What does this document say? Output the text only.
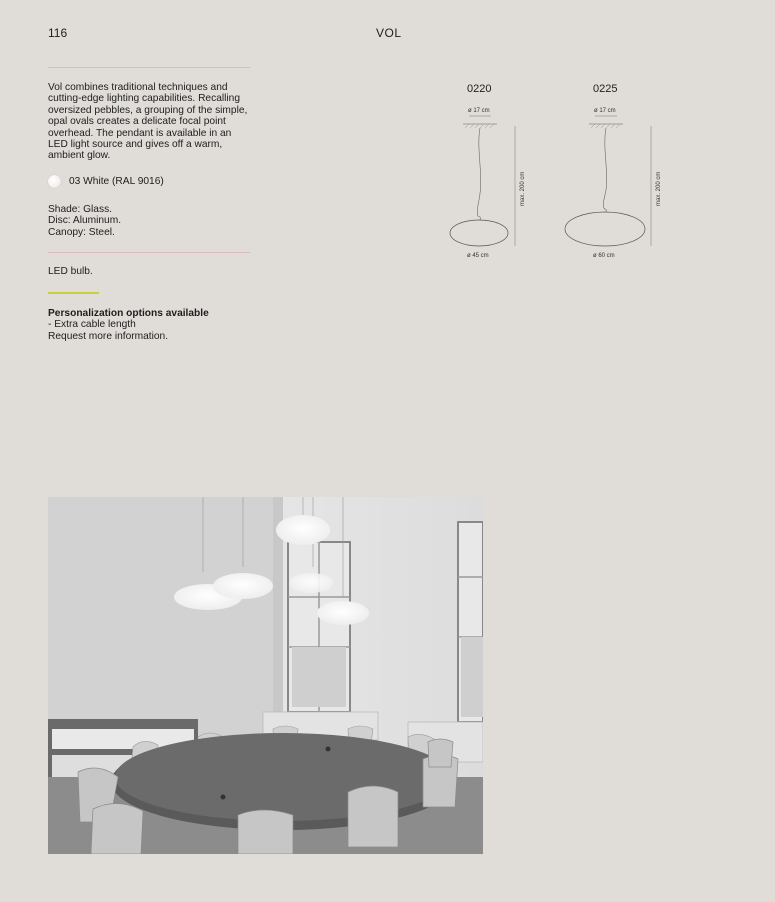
116	VOL
Vol combines traditional techniques and
cutting-edge lighting capabilities. Recalling
oversized pebbles, a grouping of the simple,
opal ovals creates a delicate focal point
overhead. The pendant is available in an
LED light source and gives off a warm,
ambient glow.
03 White (RAL 9016)
Shade: Glass.
Disc: Aluminum.
Canopy: Steel.
LED bulb.
Personalization options available
- Extra cable length
Request more information.
0220
ø 17 cm
max. 200 cm
ø 45 cm
0225
ø 17 cm
max. 200 cm
ø 60 cm
